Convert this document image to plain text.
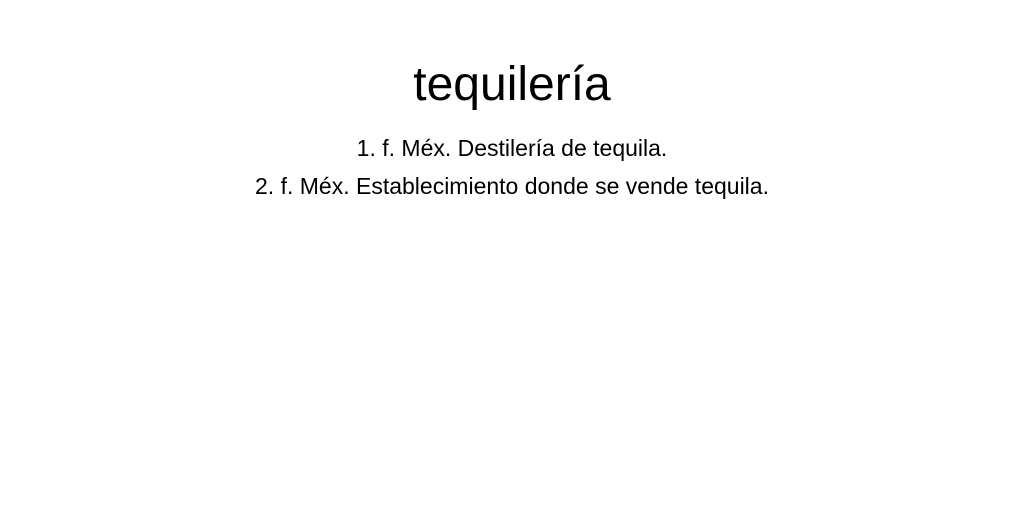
tequilería
1. f. Méx. Destilería de tequila.
2. f. Méx. Establecimiento donde se vende tequila.
